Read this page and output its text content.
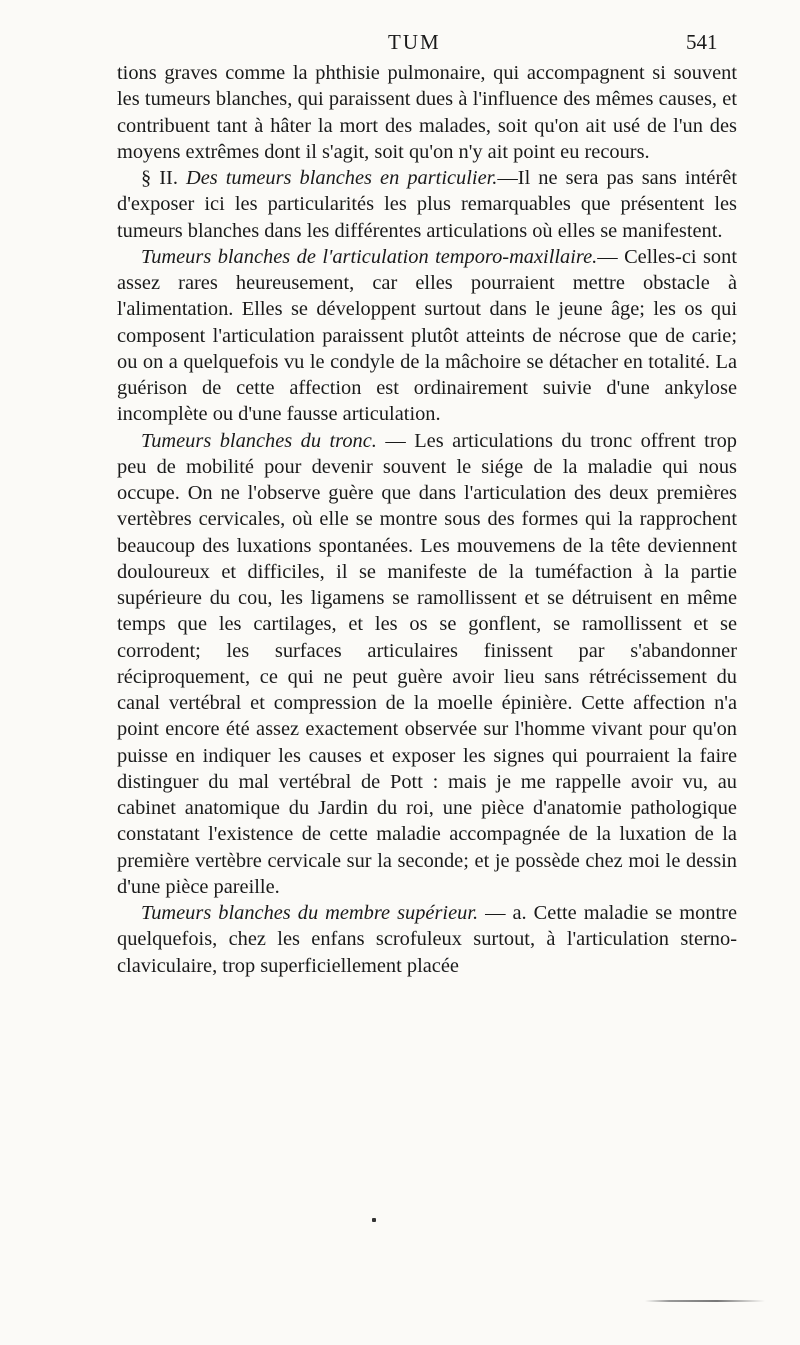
TUM	541

tions graves comme la phthisie pulmonaire, qui accompagnent si souvent les tumeurs blanches, qui paraissent dues à l'influence des mêmes causes, et contribuent tant à hâter la mort des malades, soit qu'on ait usé de l'un des moyens extrêmes dont il s'agit, soit qu'on n'y ait point eu recours.

§ II. Des tumeurs blanches en particulier.—Il ne sera pas sans intérêt d'exposer ici les particularités les plus remarquables que présentent les tumeurs blanches dans les différentes articulations où elles se manifestent.

Tumeurs blanches de l'articulation temporo-maxillaire.— Celles-ci sont assez rares heureusement, car elles pourraient mettre obstacle à l'alimentation. Elles se développent surtout dans le jeune âge; les os qui composent l'articulation paraissent plutôt atteints de nécrose que de carie; ou on a quelquefois vu le condyle de la mâchoire se détacher en totalité. La guérison de cette affection est ordinairement suivie d'une ankylose incomplète ou d'une fausse articulation.

Tumeurs blanches du tronc. — Les articulations du tronc offrent trop peu de mobilité pour devenir souvent le siége de la maladie qui nous occupe. On ne l'observe guère que dans l'articulation des deux premières vertèbres cervicales, où elle se montre sous des formes qui la rapprochent beaucoup des luxations spontanées. Les mouvemens de la tête deviennent douloureux et difficiles, il se manifeste de la tuméfaction à la partie supérieure du cou, les ligamens se ramollissent et se détruisent en même temps que les cartilages, et les os se gonflent, se ramollissent et se corrodent; les surfaces articulaires finissent par s'abandonner réciproquement, ce qui ne peut guère avoir lieu sans rétrécissement du canal vertébral et compression de la moelle épinière. Cette affection n'a point encore été assez exactement observée sur l'homme vivant pour qu'on puisse en indiquer les causes et exposer les signes qui pourraient la faire distinguer du mal vertébral de Pott : mais je me rappelle avoir vu, au cabinet anatomique du Jardin du roi, une pièce d'anatomie pathologique constatant l'existence de cette maladie accompagnée de la luxation de la première vertèbre cervicale sur la seconde; et je possède chez moi le dessin d'une pièce pareille.

Tumeurs blanches du membre supérieur. — a. Cette maladie se montre quelquefois, chez les enfans scrofuleux surtout, à l'articulation sterno-claviculaire, trop superficiellement placée
